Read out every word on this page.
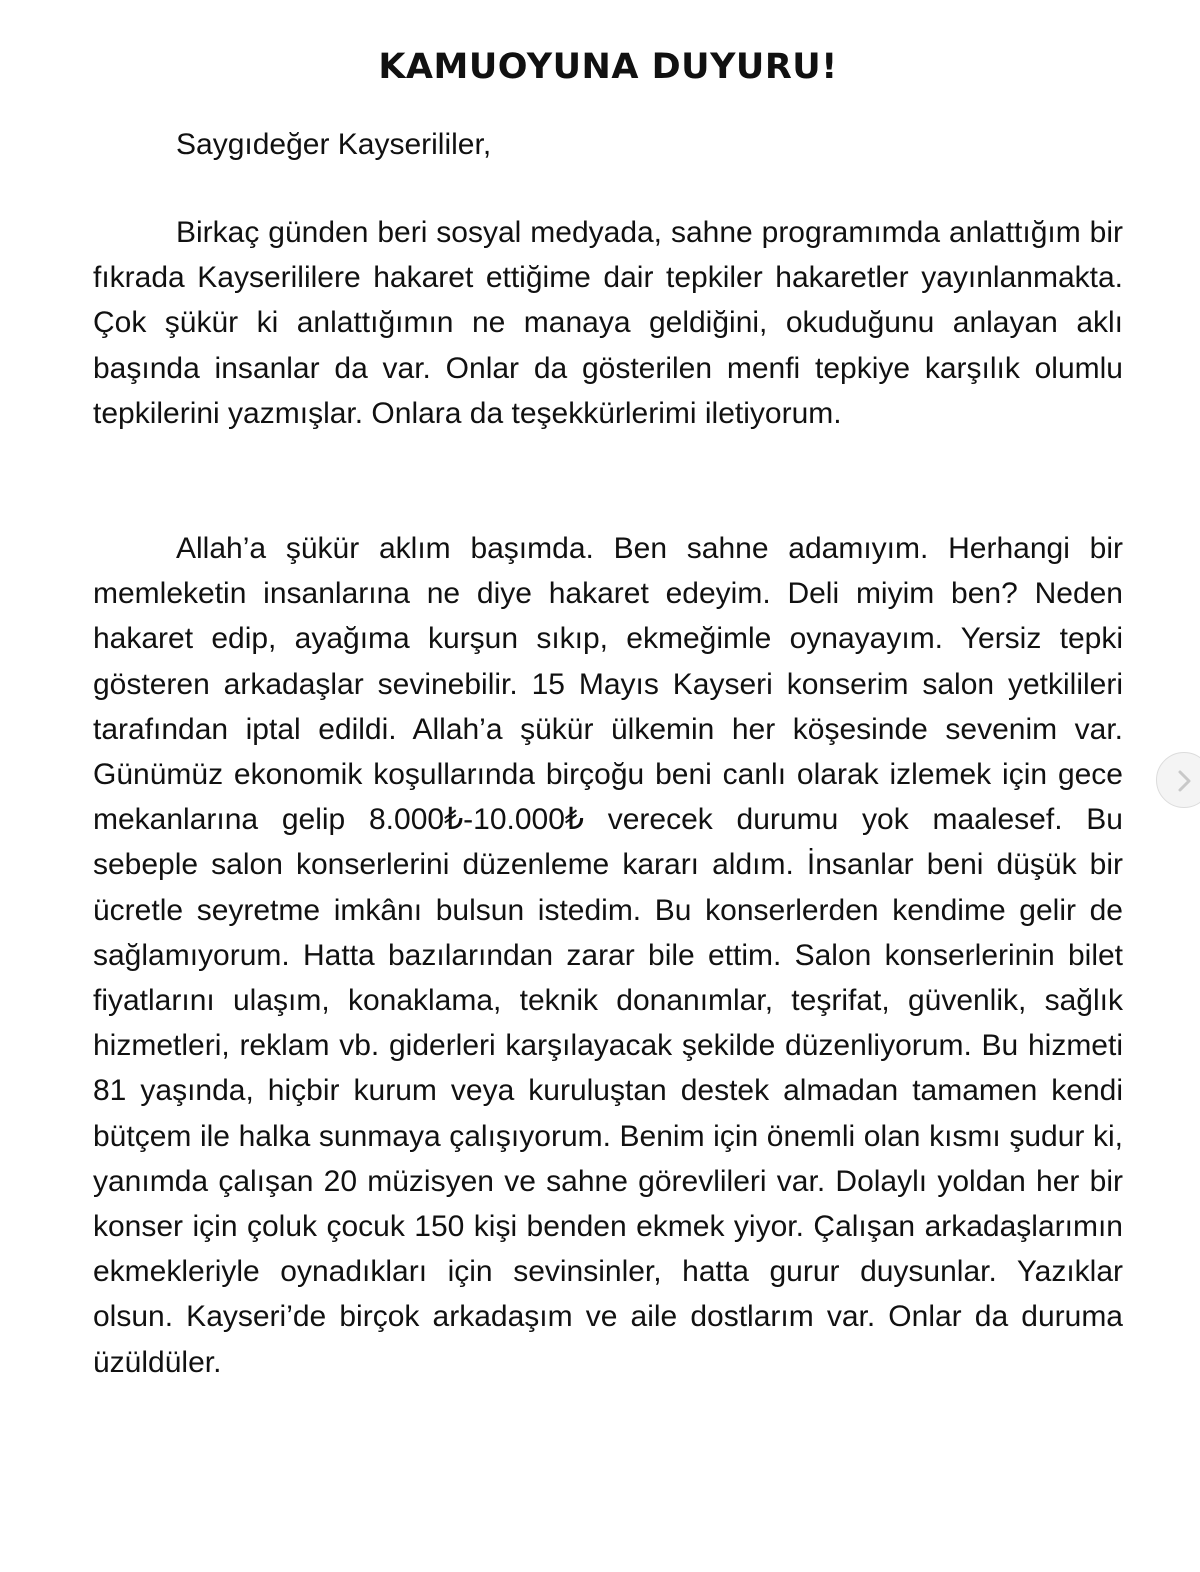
KAMUOYUNA DUYURU!

Saygıdeğer Kayserililer,

Birkaç günden beri sosyal medyada, sahne programımda anlattığım bir fıkrada Kayserililere hakaret ettiğime dair tepkiler hakaretler yayınlanmakta. Çok şükür ki anlattığımın ne manaya geldiğini, okuduğunu anlayan aklı başında insanlar da var. Onlar da gösterilen menfi tepkiye karşılık olumlu tepkilerini yazmışlar. Onlara da teşekkürlerimi iletiyorum.

Allah’a şükür aklım başımda. Ben sahne adamıyım. Herhangi bir memleketin insanlarına ne diye hakaret edeyim. Deli miyim ben? Neden hakaret edip, ayağıma kurşun sıkıp, ekmeğimle oynayayım. Yersiz tepki gösteren arkadaşlar sevinebilir. 15 Mayıs Kayseri konserim salon yetkilileri tarafından iptal edildi. Allah’a şükür ülkemin her köşesinde sevenim var. Günümüz ekonomik koşullarında birçoğu beni canlı olarak izlemek için gece mekanlarına gelip 8.000₺-10.000₺ verecek durumu yok maalesef. Bu sebeple salon konserlerini düzenleme kararı aldım. İnsanlar beni düşük bir ücretle seyretme imkânı bulsun istedim. Bu konserlerden kendime gelir de sağlamıyorum. Hatta bazılarından zarar bile ettim. Salon konserlerinin bilet fiyatlarını ulaşım, konaklama, teknik donanımlar, teşrifat, güvenlik, sağlık hizmetleri, reklam vb. giderleri karşılayacak şekilde düzenliyorum. Bu hizmeti 81 yaşında, hiçbir kurum veya kuruluştan destek almadan tamamen kendi bütçem ile halka sunmaya çalışıyorum. Benim için önemli olan kısmı şudur ki, yanımda çalışan 20 müzisyen ve sahne görevlileri var. Dolaylı yoldan her bir konser için çoluk çocuk 150 kişi benden ekmek yiyor. Çalışan arkadaşlarımın ekmekleriyle oynadıkları için sevinsinler, hatta gurur duysunlar. Yazıklar olsun. Kayseri’de birçok arkadaşım ve aile dostlarım var. Onlar da duruma üzüldüler.
